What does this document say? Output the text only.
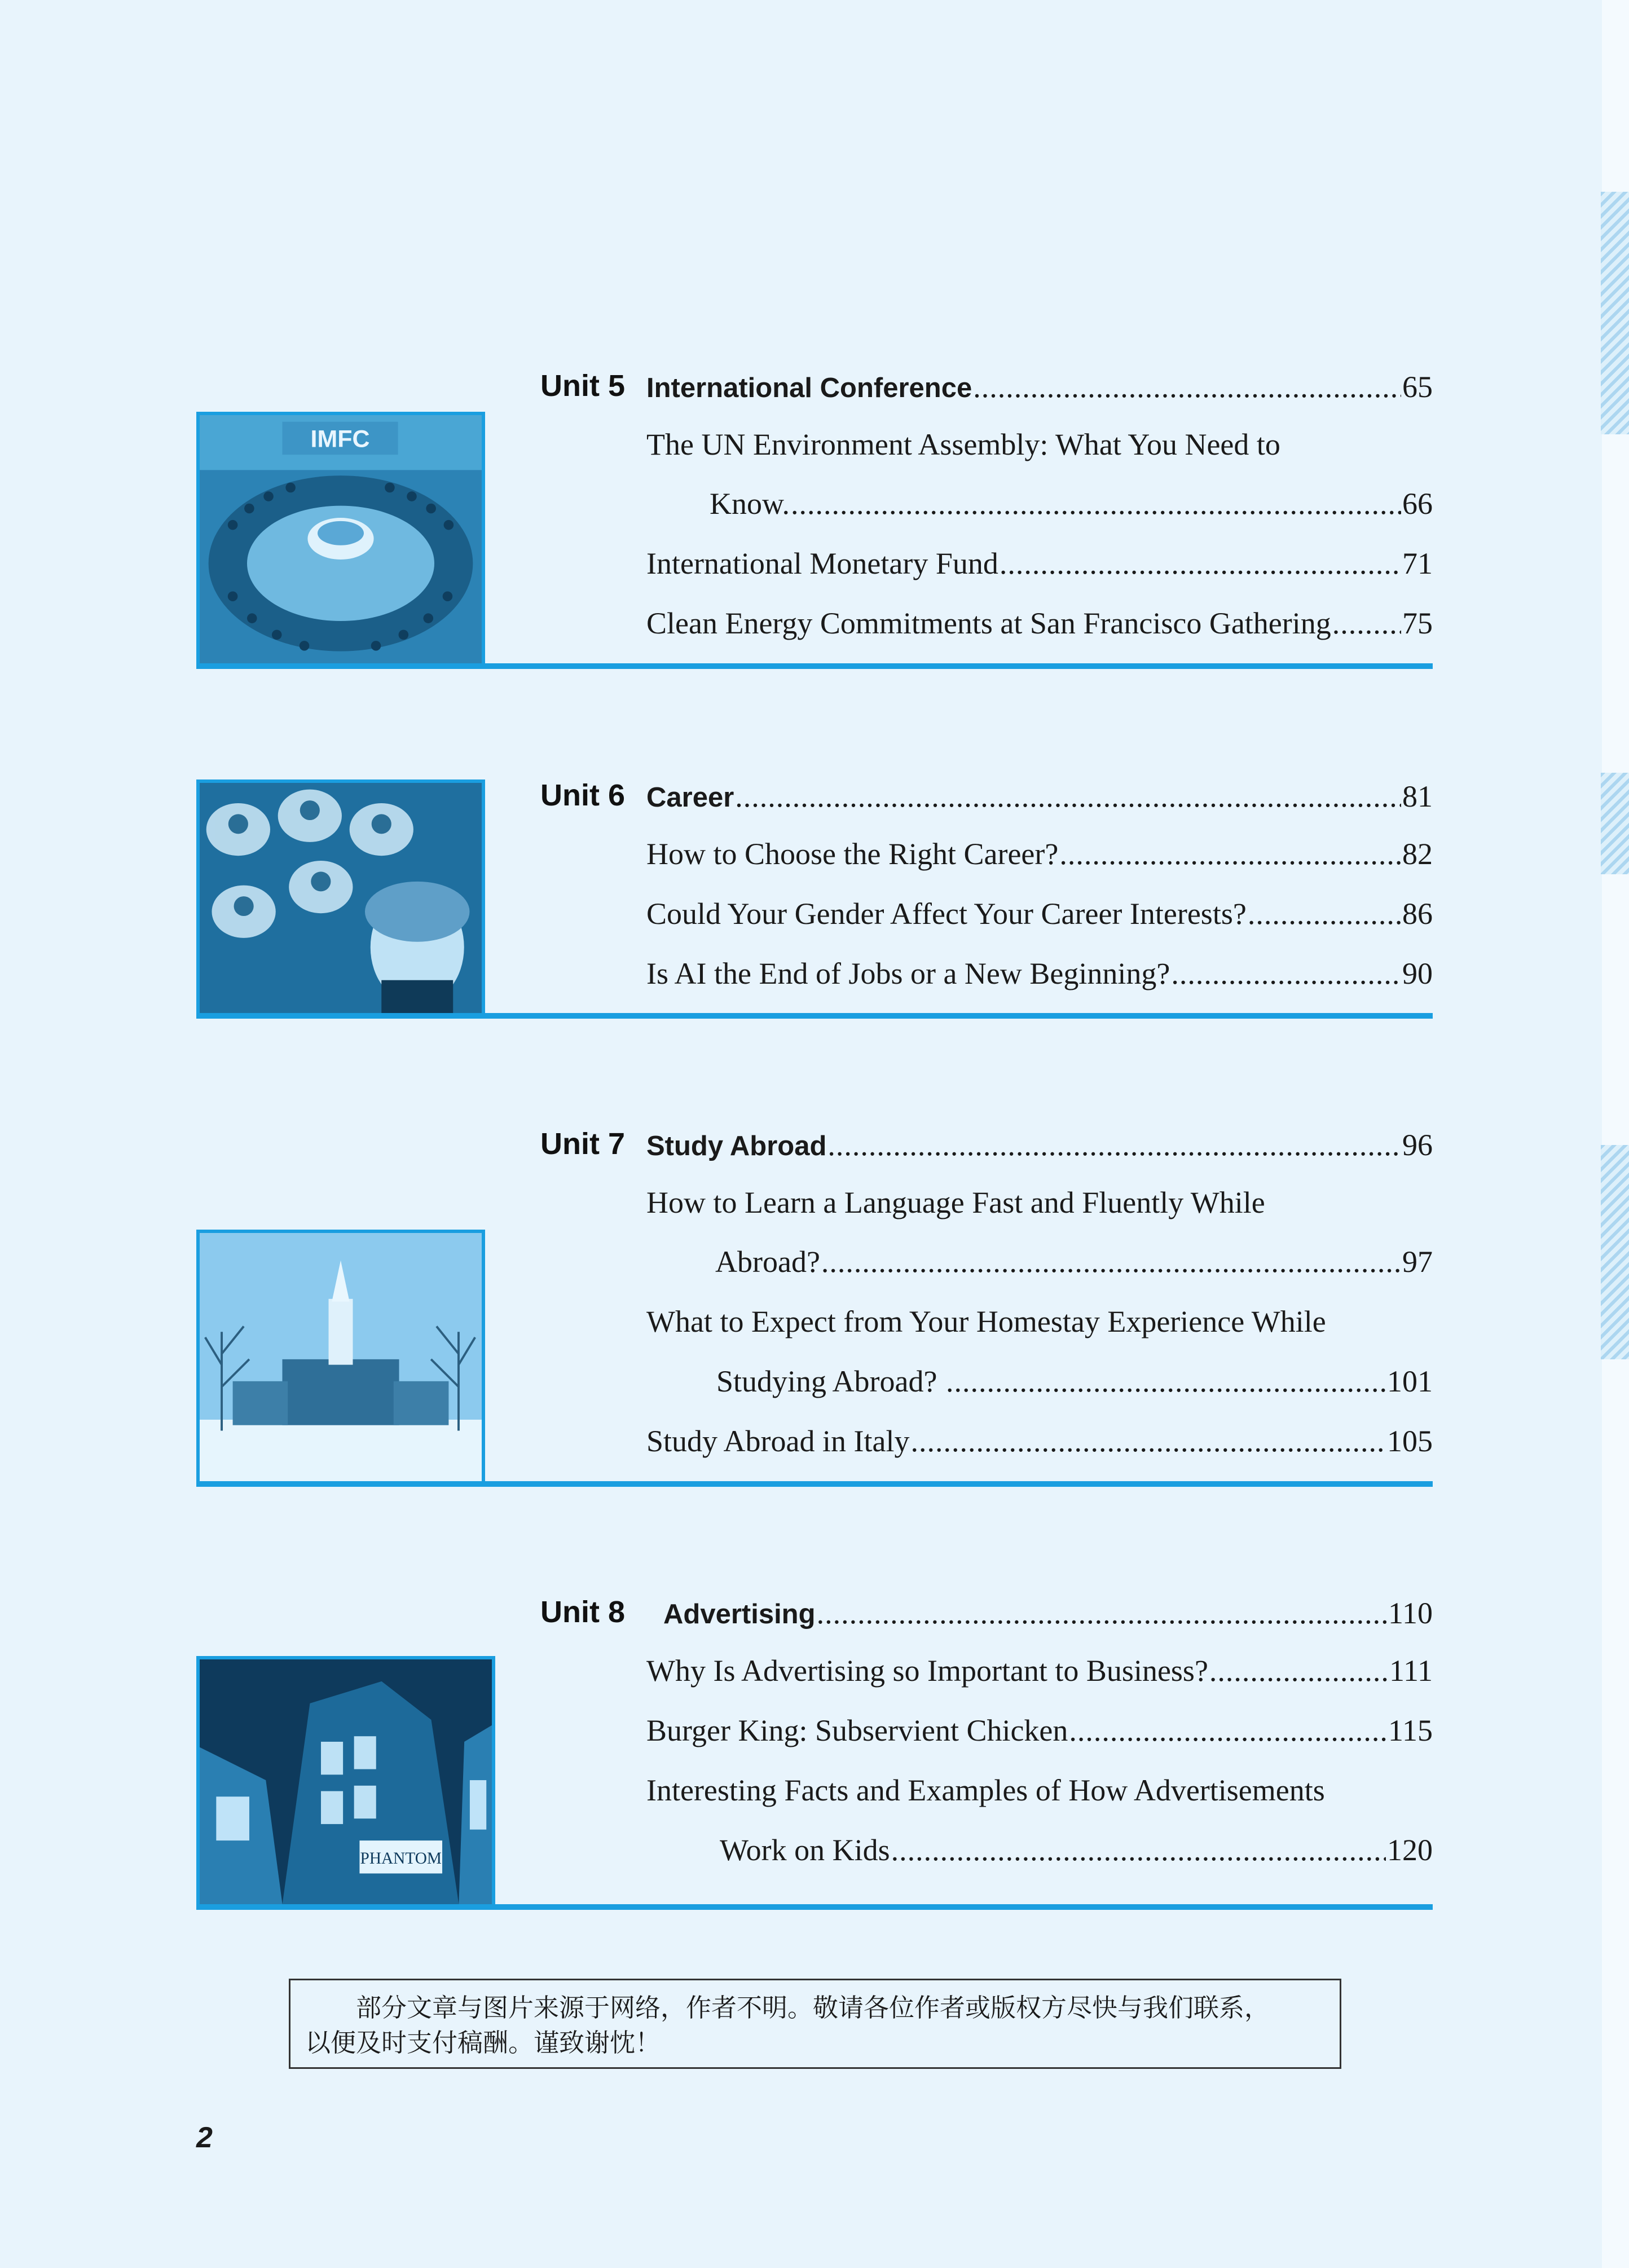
IMFC
Unit 5 International Conference .....	65
The UN Environment Assembly: What You Need to
Know. .....	66
International Monetary Fund .....	71
Clean Energy Commitments at San Francisco Gathering ..... 75
Unit 6 Career .....	81
How to Choose the Right Career? .....	82
Could Your Gender Affect Your Career Interests? .....	86
Is AI the End of Jobs or a New Beginning? .....	90
Unit 7 Study Abroad .....	96
How to Learn a Language Fast and Fluently While
Abroad? .....	97
What to Expect from Your Homestay Experience While
Studying Abroad? .....	101
Study Abroad in Italy .....	105
PHANTOM
Unit 8 Advertising .....	110
Why Is Advertising so Important to Business? .....	111
Burger King: Subservient Chicken .....	115
Interesting Facts and Examples of How Advertisements
Work on Kids .....	120
部分文章与图片来源于网络，作者不明。敬请各位作者或版权方尽快与我们联系，
以便及时支付稿酬。谨致谢忱！
2
